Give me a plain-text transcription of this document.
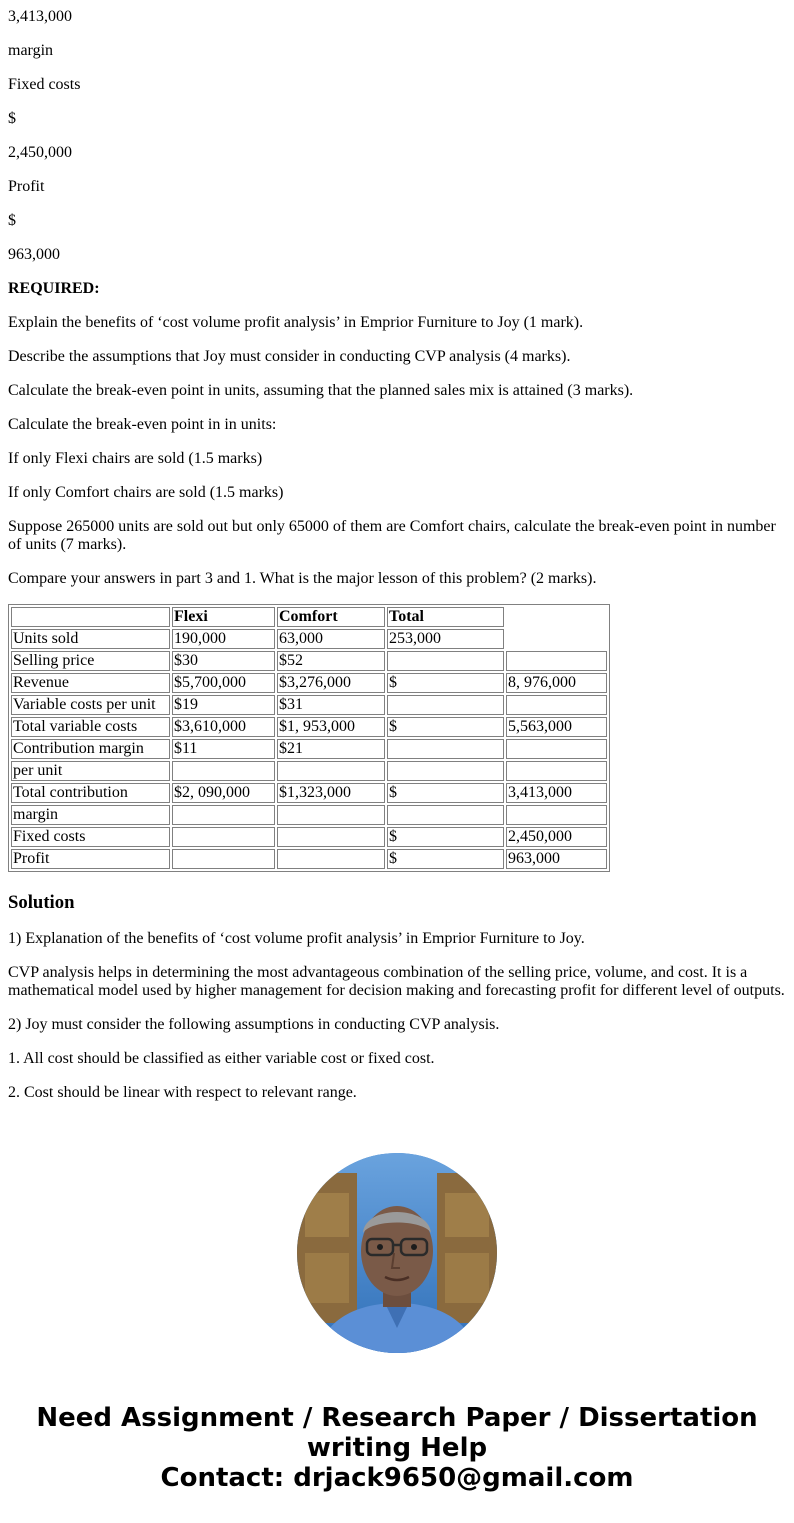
3,413,000

margin

Fixed costs

$

2,450,000

Profit

$

963,000

REQUIRED:

Explain the benefits of ‘cost volume profit analysis’ in Emprior Furniture to Joy (1 mark).

Describe the assumptions that Joy must consider in conducting CVP analysis (4 marks).

Calculate the break-even point in units, assuming that the planned sales mix is attained (3 marks).

Calculate the break-even point in in units:

If only Flexi chairs are sold (1.5 marks)

If only Comfort chairs are sold (1.5 marks)

Suppose 265000 units are sold out but only 65000 of them are Comfort chairs, calculate the break-even point in number of units (7 marks).

Compare your answers in part 3 and 1. What is the major lesson of this problem? (2 marks).

	Flexi	Comfort	Total	
Units sold	190,000	63,000	253,000	
Selling price	$30	$52		
Revenue	$5,700,000	$3,276,000	$	8, 976,000
Variable costs per unit	$19	$31		
Total variable costs	$3,610,000	$1, 953,000	$	5,563,000
Contribution margin	$11	$21		
per unit				
Total contribution	$2, 090,000	$1,323,000	$	3,413,000
margin				
Fixed costs			$	2,450,000
Profit			$	963,000
Solution

1) Explanation of the benefits of ‘cost volume profit analysis’ in Emprior Furniture to Joy.

CVP analysis helps in determining the most advantageous combination of the selling price, volume, and cost. It is a mathematical model used by higher management for decision making and forecasting profit for different level of outputs.

2) Joy must consider the following assumptions in conducting CVP analysis.

1. All cost should be classified as either variable cost or fixed cost.

2. Cost should be linear with respect to relevant range.

Need Assignment / Research Paper / Dissertation
writing Help
Contact: drjack9650@gmail.com
